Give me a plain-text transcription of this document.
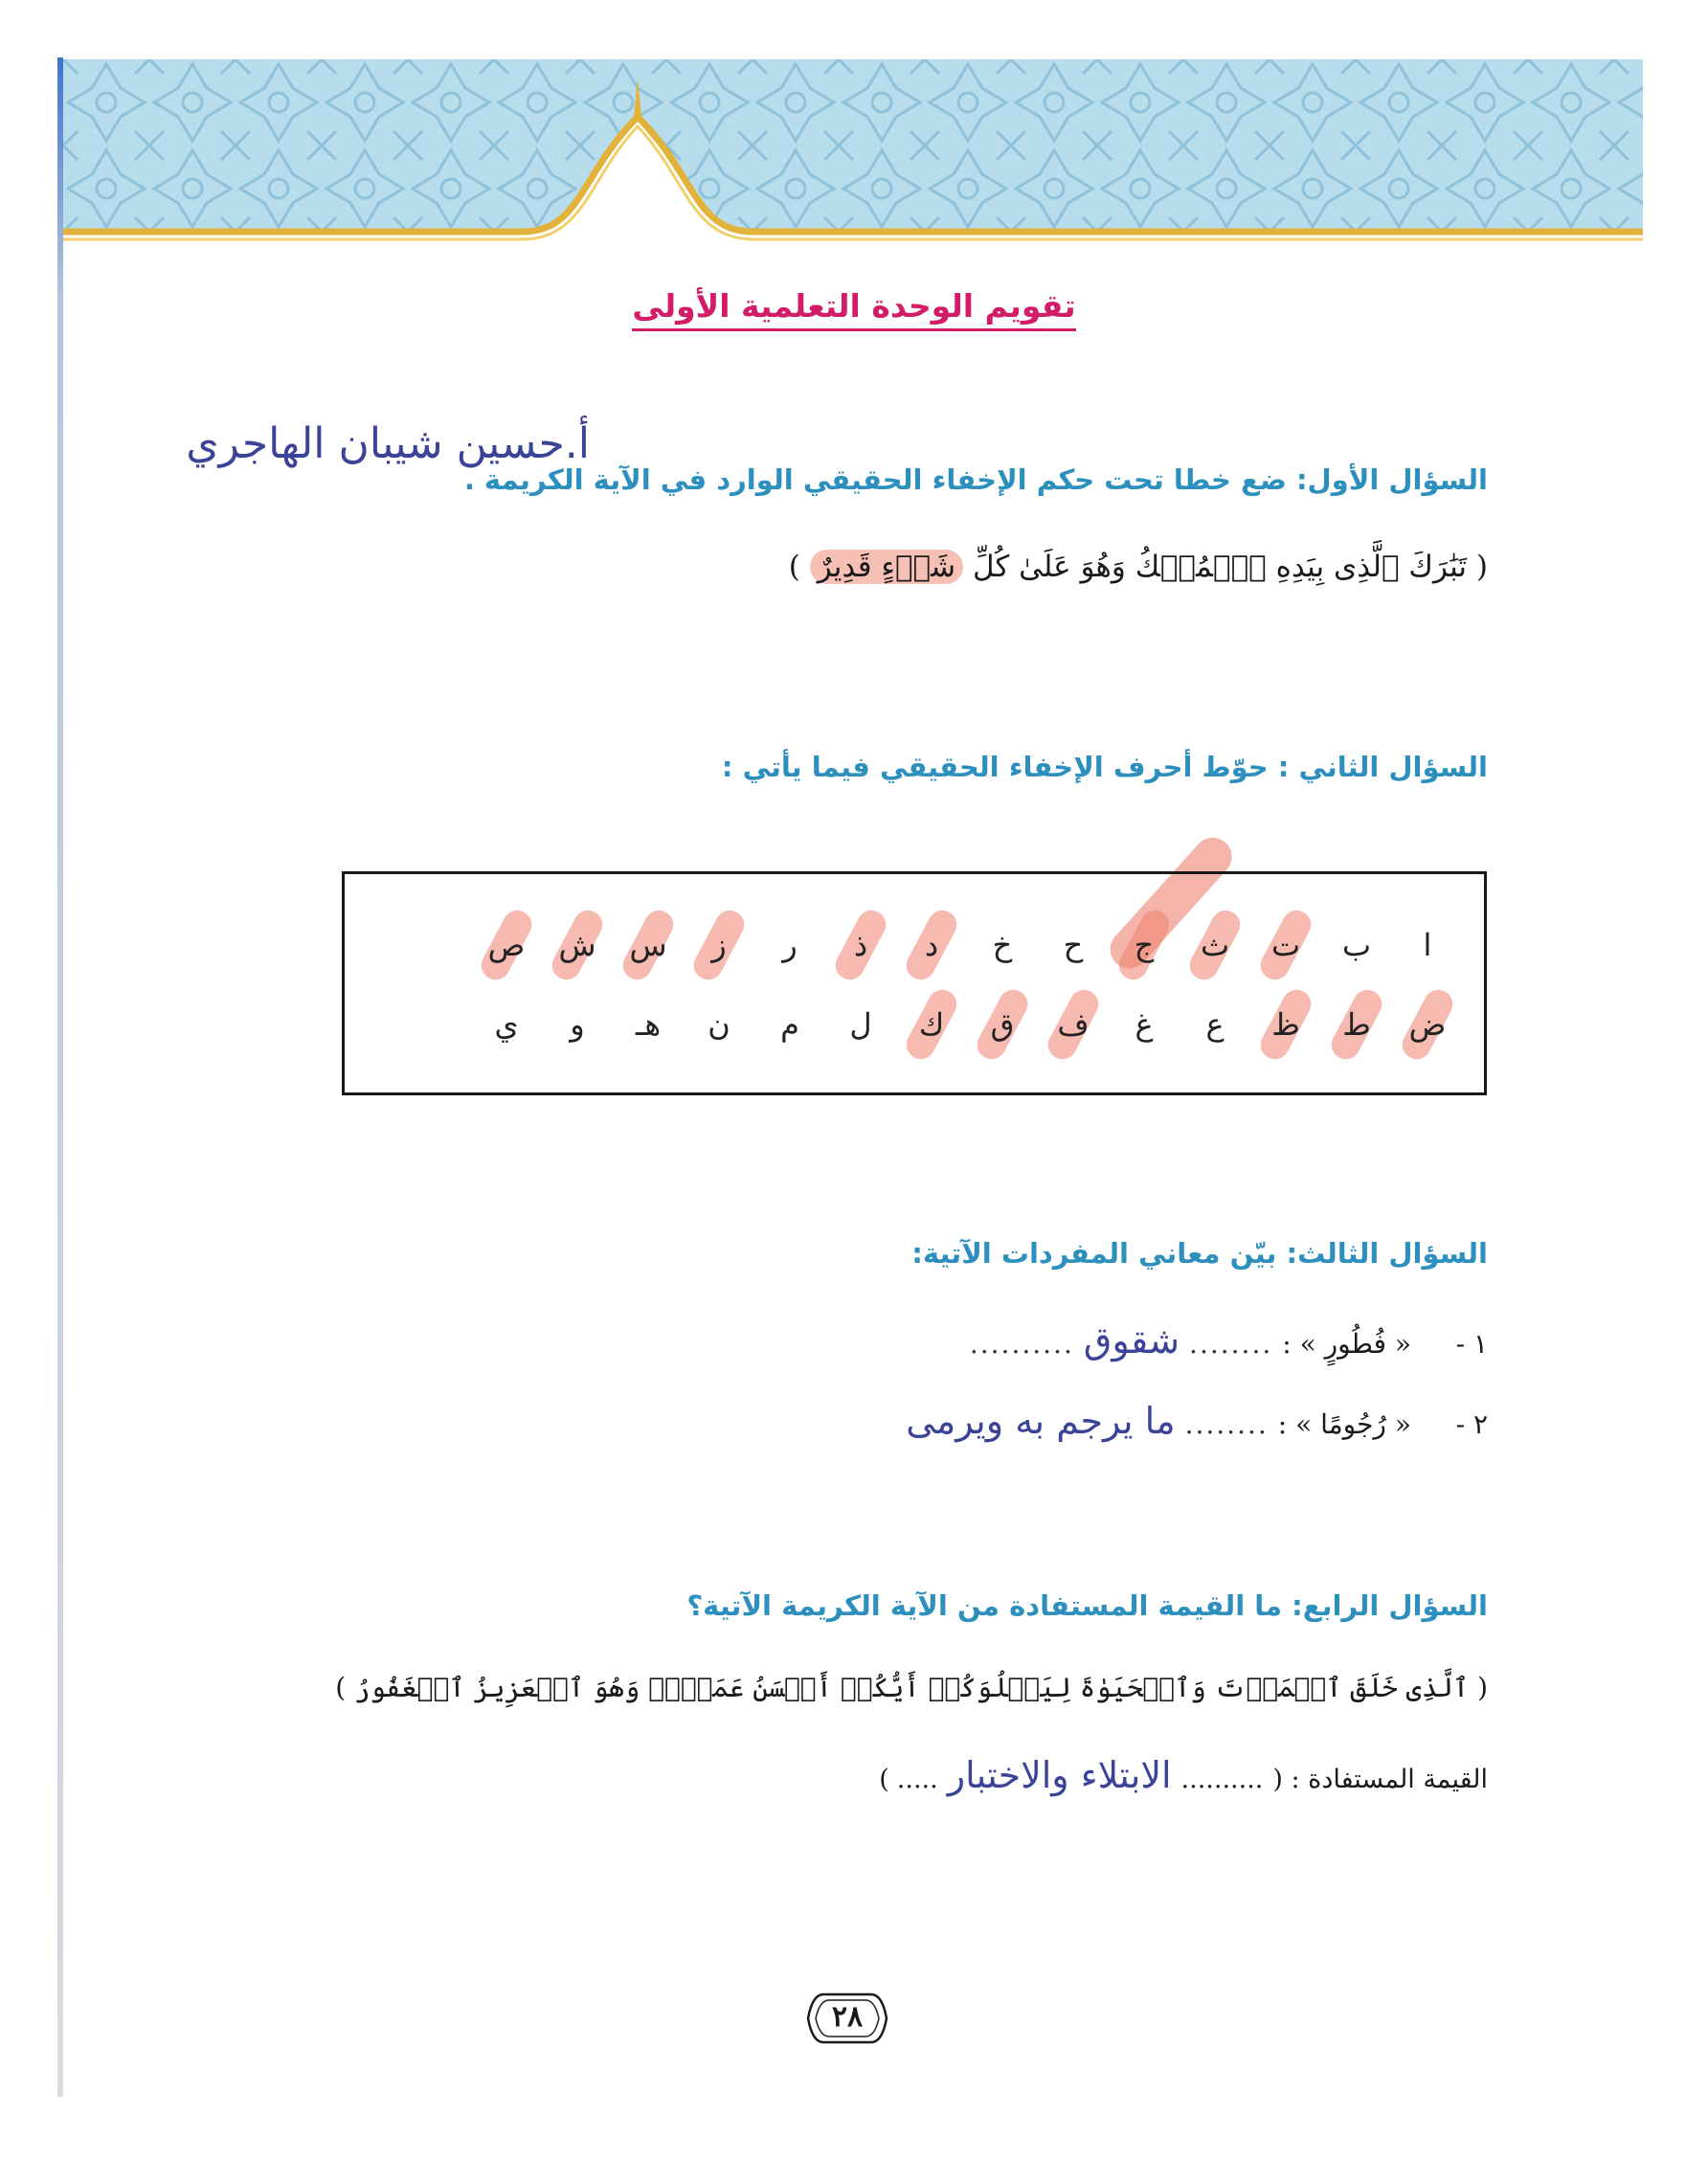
تقويم الوحدة التعلمية الأولى
أ.حسين شيبان الهاجري
السؤال الأول: ضع خطا تحت حكم الإخفاء الحقيقي الوارد في الآية الكريمة .
( تَبَٰرَكَ ٱلَّذِى بِيَدِهِ ٱلۡمُلۡكُ وَهُوَ عَلَىٰ كُلِّ شَىۡءٍ قَدِيرٌ )
السؤال الثاني : حوّط أحرف الإخفاء الحقيقي فيما يأتي :
ا
ب
ت
ث
ج
ح
خ
د
ذ
ر
ز
س
ش
ص
ض
ط
ظ
ع
غ
ف
ق
ك
ل
م
ن
هـ
و
ي
السؤال الثالث: بيّن معاني المفردات الآتية:
١ -
« فُطُورٍ » :
........
شقوق
..........
٢ -
« رُجُومًا » :
........
ما يرجم به ويرمى
السؤال الرابع: ما القيمة المستفادة من الآية الكريمة الآتية؟
( ٱلَّذِى خَلَقَ ٱلۡمَوۡتَ وَٱلۡحَيَوٰةَ لِيَبۡلُوَكُمۡ أَيُّكُمۡ أَحۡسَنُ عَمَلٗاۚ وَهُوَ ٱلۡعَزِيزُ ٱلۡغَفُورُ )
القيمة المستفادة : (
..........
الابتلاء والاختبار
.....
)
٢٨
